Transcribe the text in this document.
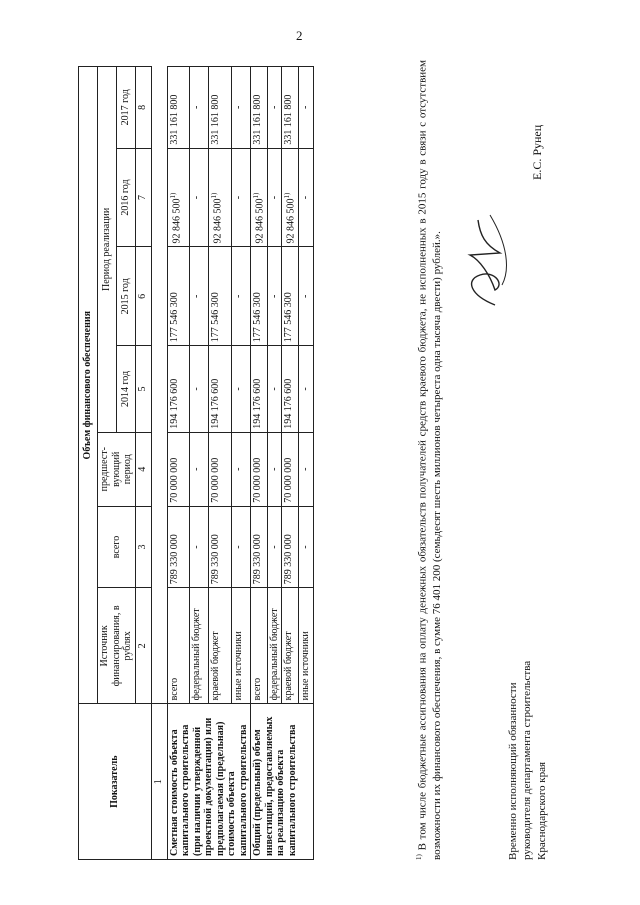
2
Показатель	Объем финансового обеспечения						
	Источник финансирования, в рублях	всего	предшест-вующий период	Период реализации			
				2014 год	2015 год	2016 год	2017 год
	2	3	4	5	6	7	8
1							
Сметная стоимость объекта капитального строительства (при наличии утвержденной проектной документации) или предполагаемая (предельная) стоимость объекта капитального строительства	всего	789 330 000	70 000 000	194 176 600	177 546 300	92 846 500$^{1)}$	331 161 800
	федеральный бюджет	-	-	-	-	-	-
	краевой бюджет	789 330 000	70 000 000	194 176 600	177 546 300	92 846 500$^{1)}$	331 161 800
	иные источники	-	-	-	-	-	-
Общий (предельный) объем инвестиций, предоставляемых на реализацию объекта капитального строительства	всего	789 330 000	70 000 000	194 176 600	177 546 300	92 846 500$^{1)}$	331 161 800
	федеральный бюджет	-	-	-	-	-	-
	краевой бюджет	789 330 000	70 000 000	194 176 600	177 546 300	92 846 500$^{1)}$	331 161 800
	иные источники	-	-	-	-	-	-
$^{1)}$ В том числе бюджетные ассигнования на оплату денежных обязательств получателей средств краевого бюджета, не исполненных в 2015 году в связи с отсутствием возможности их финансового обеспечения, в сумме 76 401 200 (семьдесят шесть миллионов четыреста одна тысяча двести) рублей.».	Временно исполняющий обязанности руководителя департамента строительства Краснодарского края
Е.С. Рунец
